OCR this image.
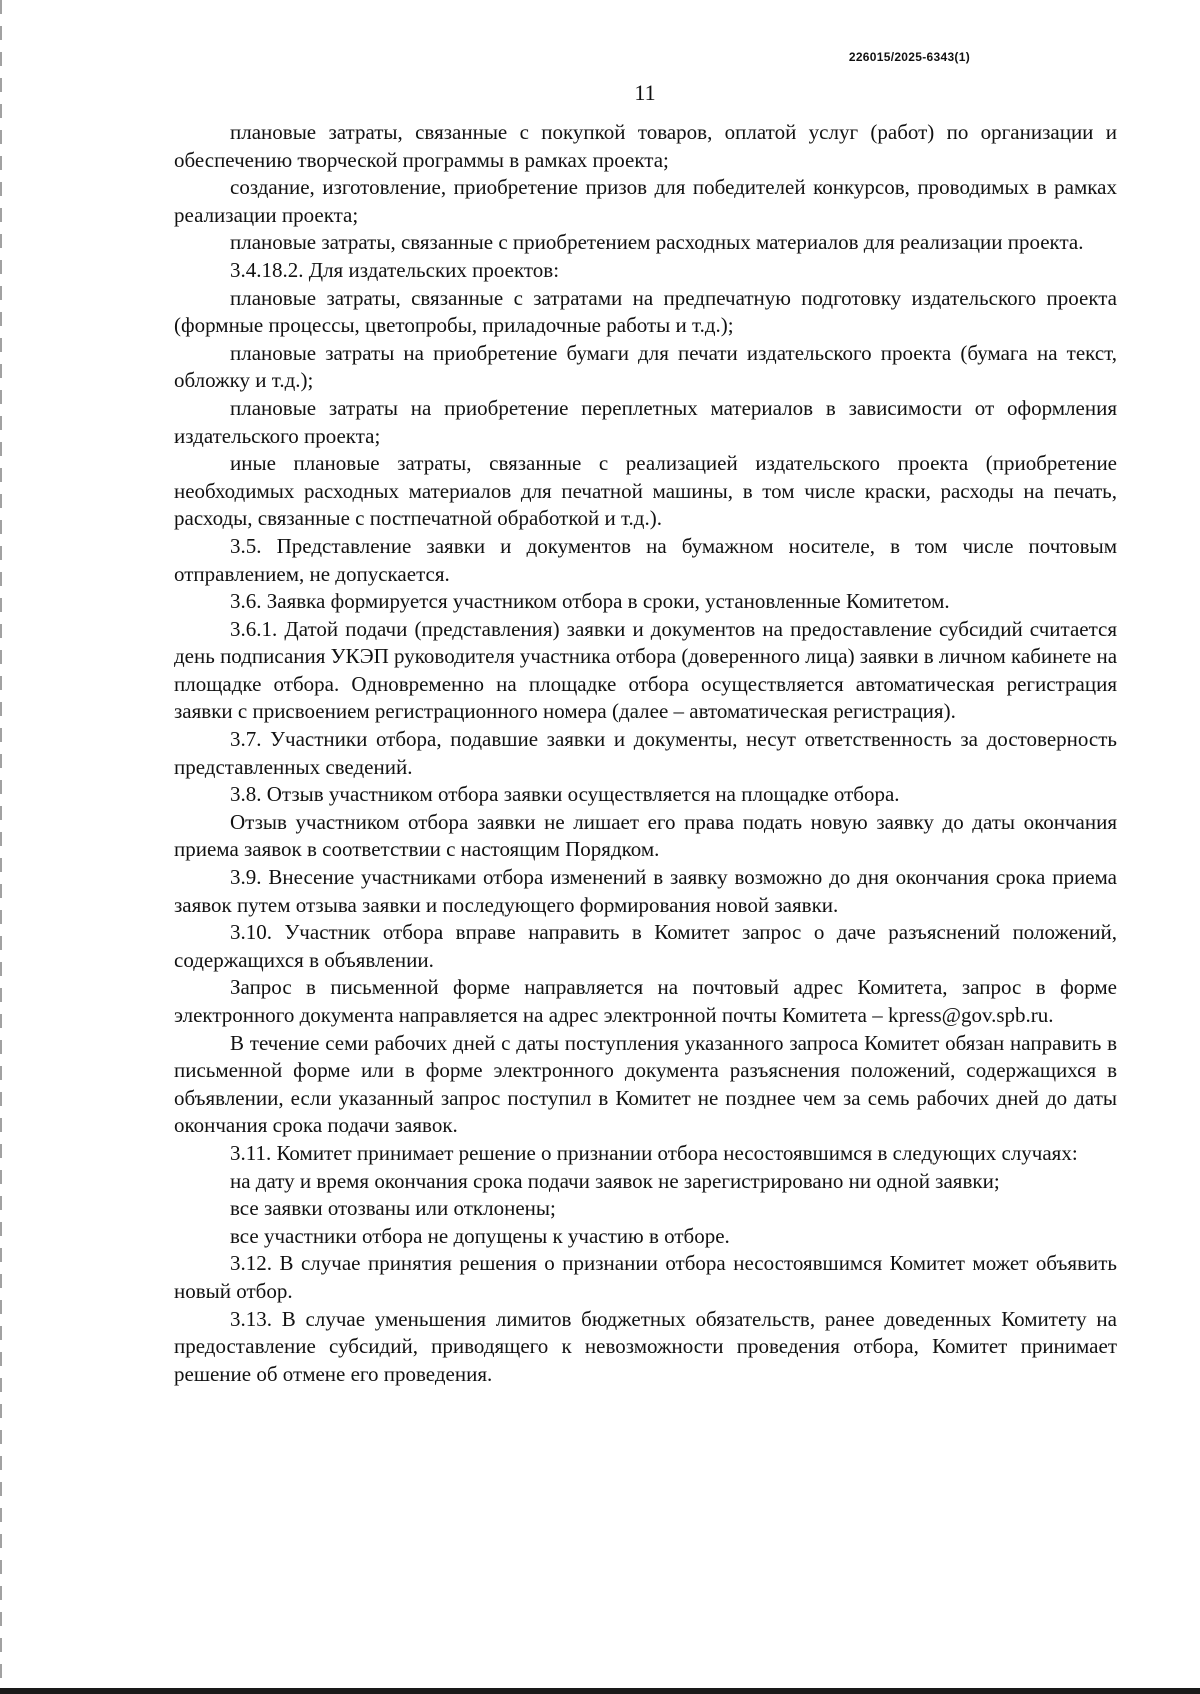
226015/2025-6343(1)
11

плановые затраты, связанные с покупкой товаров, оплатой услуг (работ) по организации и обеспечению творческой программы в рамках проекта;

создание, изготовление, приобретение призов для победителей конкурсов, проводимых в рамках реализации проекта;

плановые затраты, связанные с приобретением расходных материалов для реализации проекта.

3.4.18.2. Для издательских проектов:

плановые затраты, связанные с затратами на предпечатную подготовку издательского проекта (формные процессы, цветопробы, приладочные работы и т.д.);

плановые затраты на приобретение бумаги для печати издательского проекта (бумага на текст, обложку и т.д.);

плановые затраты на приобретение переплетных материалов в зависимости от оформления издательского проекта;

иные плановые затраты, связанные с реализацией издательского проекта (приобретение необходимых расходных материалов для печатной машины, в том числе краски, расходы на печать, расходы, связанные с постпечатной обработкой и т.д.).

3.5. Представление заявки и документов на бумажном носителе, в том числе почтовым отправлением, не допускается.

3.6. Заявка формируется участником отбора в сроки, установленные Комитетом.

3.6.1. Датой подачи (представления) заявки и документов на предоставление субсидий считается день подписания УКЭП руководителя участника отбора (доверенного лица) заявки в личном кабинете на площадке отбора. Одновременно на площадке отбора осуществляется автоматическая регистрация заявки с присвоением регистрационного номера (далее – автоматическая регистрация).

3.7. Участники отбора, подавшие заявки и документы, несут ответственность за достоверность представленных сведений.

3.8. Отзыв участником отбора заявки осуществляется на площадке отбора.

Отзыв участником отбора заявки не лишает его права подать новую заявку до даты окончания приема заявок в соответствии с настоящим Порядком.

3.9. Внесение участниками отбора изменений в заявку возможно до дня окончания срока приема заявок путем отзыва заявки и последующего формирования новой заявки.

3.10. Участник отбора вправе направить в Комитет запрос о даче разъяснений положений, содержащихся в объявлении.

Запрос в письменной форме направляется на почтовый адрес Комитета, запрос в форме электронного документа направляется на адрес электронной почты Комитета – kpress@gov.spb.ru.

В течение семи рабочих дней с даты поступления указанного запроса Комитет обязан направить в письменной форме или в форме электронного документа разъяснения положений, содержащихся в объявлении, если указанный запрос поступил в Комитет не позднее чем за семь рабочих дней до даты окончания срока подачи заявок.

3.11. Комитет принимает решение о признании отбора несостоявшимся в следующих случаях:

на дату и время окончания срока подачи заявок не зарегистрировано ни одной заявки;

все заявки отозваны или отклонены;

все участники отбора не допущены к участию в отборе.

3.12. В случае принятия решения о признании отбора несостоявшимся Комитет может объявить новый отбор.

3.13. В случае уменьшения лимитов бюджетных обязательств, ранее доведенных Комитету на предоставление субсидий, приводящего к невозможности проведения отбора, Комитет принимает решение об отмене его проведения.
